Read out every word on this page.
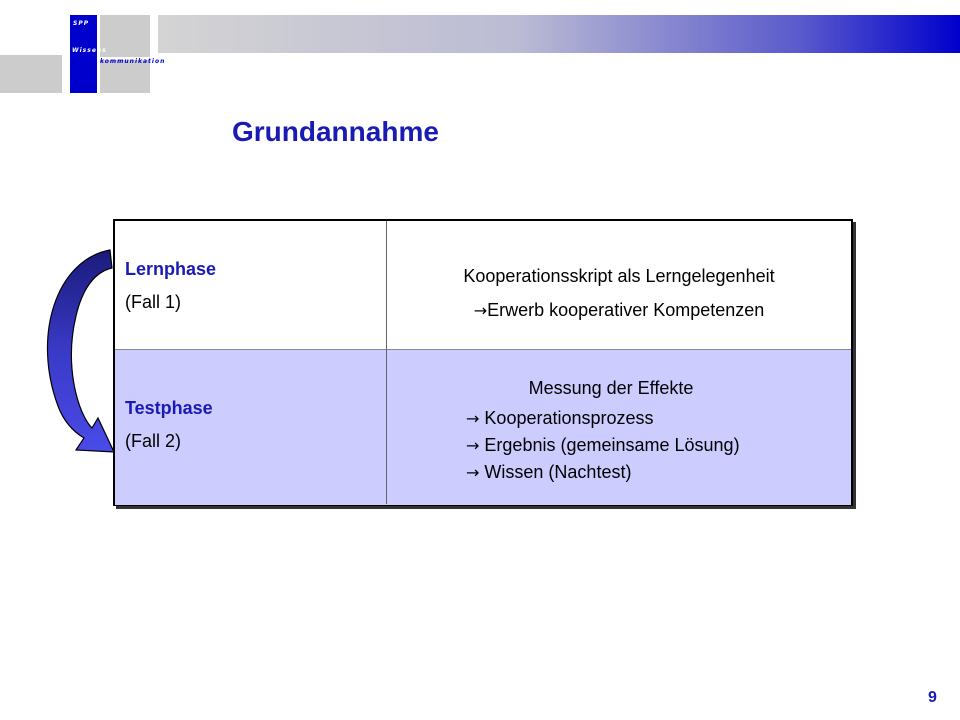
SPP
Wissens
kommunikation
Grundannahme
Lernphase
(Fall 1)
Kooperationsskript als Lerngelegenheit
→Erwerb kooperativer Kompetenzen
Testphase
(Fall 2)
Messung der Effekte
→ Kooperationsprozess
→ Ergebnis (gemeinsame Lösung)
→ Wissen (Nachtest)
9
